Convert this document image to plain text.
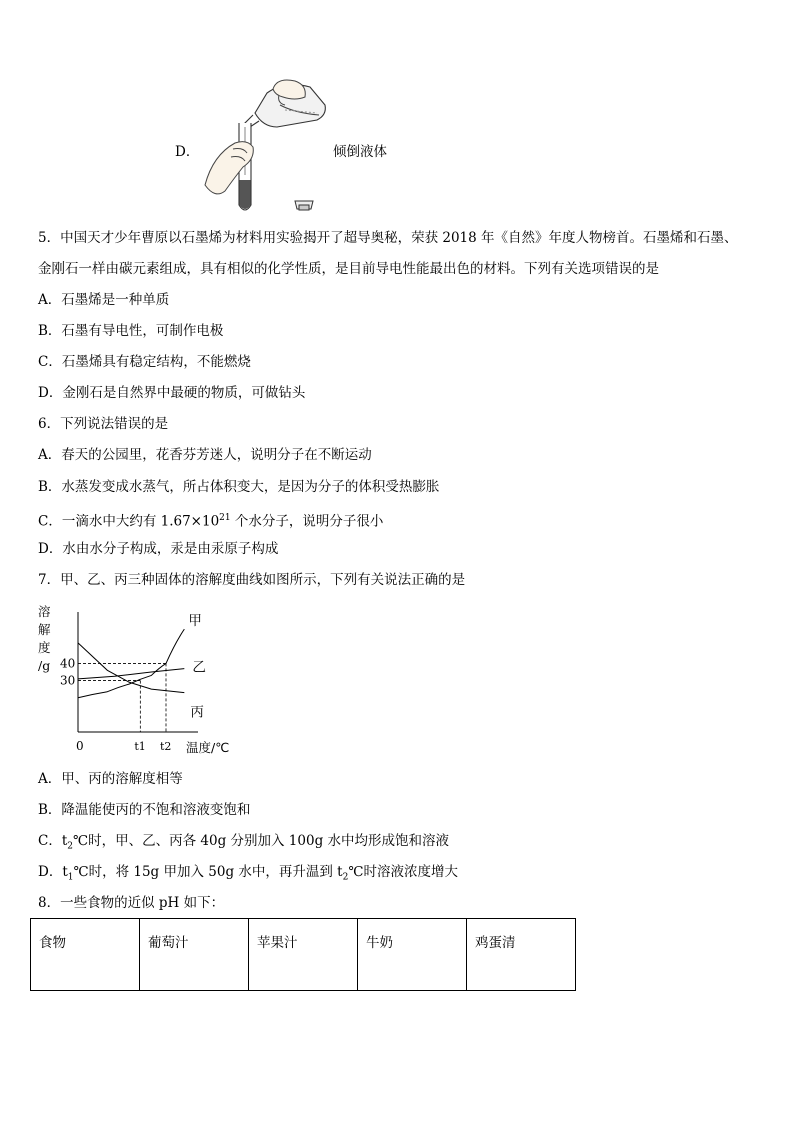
D．	倾倒液体
5．中国天才少年曹原以石墨烯为材料用实验揭开了超导奥秘，荣获 2018 年《自然》年度人物榜首。石墨烯和石墨、
金刚石一样由碳元素组成，具有相似的化学性质，是目前导电性能最出色的材料。下列有关选项错误的是
A．石墨烯是一种单质
B．石墨有导电性，可制作电极
C．石墨烯具有稳定结构，不能燃烧
D．金刚石是自然界中最硬的物质，可做钻头
6．下列说法错误的是
A．春天的公园里，花香芬芳迷人，说明分子在不断运动
B．水蒸发变成水蒸气，所占体积变大，是因为分子的体积受热膨胀
C．一滴水中大约有 $1.67\times 10^{21}$ 个水分子，说明分子很小
D．水由水分子构成，汞是由汞原子构成
7．甲、乙、丙三种固体的溶解度曲线如图所示，下列有关说法正确的是
溶
解
度
/g
0
30
40
t1 t2 温度/℃
甲
乙
丙
A．甲、丙的溶解度相等
B．降温能使丙的不饱和溶液变饱和
C．$t_2℃$时，甲、乙、丙各 40g 分别加入 100g 水中均形成饱和溶液
D．$t_1℃$时，将 15g 甲加入 50g 水中，再升温到 $t_2℃$时溶液浓度增大
8．一些食物的近似 pH 如下：
食物	葡萄汁	苹果汁	牛奶	鸡蛋清
